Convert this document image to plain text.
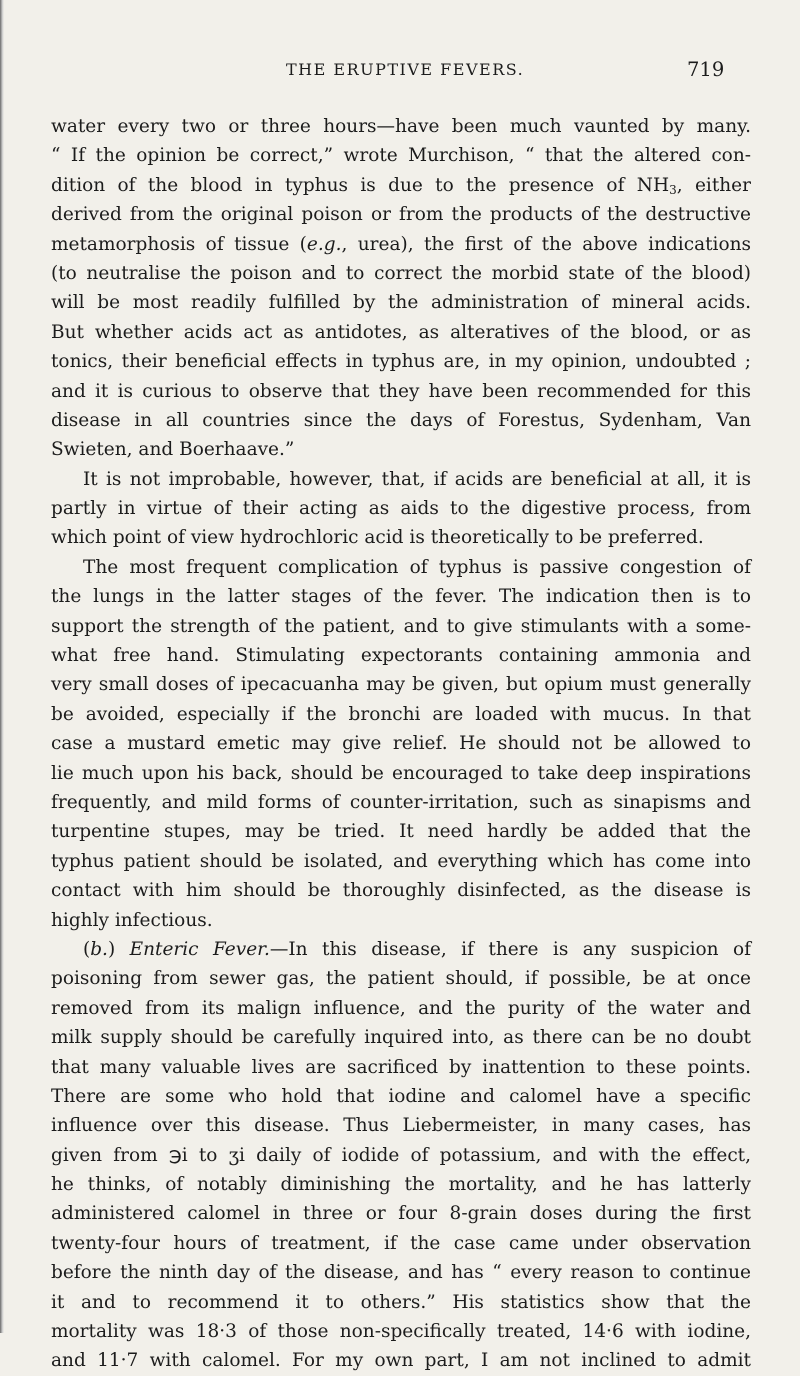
THE ERUPTIVE FEVERS.	719
water every two or three hours—have been much vaunted by many.
“ If the opinion be correct,” wrote Murchison, “ that the altered con-
dition of the blood in typhus is due to the presence of $NH_3$, either
derived from the original poison or from the products of the destructive
metamorphosis of tissue (e.g., urea), the first of the above indications
(to neutralise the poison and to correct the morbid state of the blood)
will be most readily fulfilled by the administration of mineral acids.
But whether acids act as antidotes, as alteratives of the blood, or as
tonics, their beneficial effects in typhus are, in my opinion, undoubted ;
and it is curious to observe that they have been recommended for this
disease in all countries since the days of Forestus, Sydenham, Van
Swieten, and Boerhaave.”
It is not improbable, however, that, if acids are beneficial at all, it is
partly in virtue of their acting as aids to the digestive process, from
which point of view hydrochloric acid is theoretically to be preferred.
The most frequent complication of typhus is passive congestion of
the lungs in the latter stages of the fever. The indication then is to
support the strength of the patient, and to give stimulants with a some-
what free hand. Stimulating expectorants containing ammonia and
very small doses of ipecacuanha may be given, but opium must generally
be avoided, especially if the bronchi are loaded with mucus. In that
case a mustard emetic may give relief. He should not be allowed to
lie much upon his back, should be encouraged to take deep inspirations
frequently, and mild forms of counter-irritation, such as sinapisms and
turpentine stupes, may be tried. It need hardly be added that the
typhus patient should be isolated, and everything which has come into
contact with him should be thoroughly disinfected, as the disease is
highly infectious.
(b.) Enteric Fever.—In this disease, if there is any suspicion of
poisoning from sewer gas, the patient should, if possible, be at once
removed from its malign influence, and the purity of the water and
milk supply should be carefully inquired into, as there can be no doubt
that many valuable lives are sacrificed by inattention to these points.
There are some who hold that iodine and calomel have a specific
influence over this disease. Thus Liebermeister, in many cases, has
given from ℈i to ʒi daily of iodide of potassium, and with the effect,
he thinks, of notably diminishing the mortality, and he has latterly
administered calomel in three or four 8-grain doses during the first
twenty-four hours of treatment, if the case came under observation
before the ninth day of the disease, and has “ every reason to continue
it and to recommend it to others.” His statistics show that the
mortality was 18·3 of those non-specifically treated, 14·6 with iodine,
and 11·7 with calomel. For my own part, I am not inclined to admit
